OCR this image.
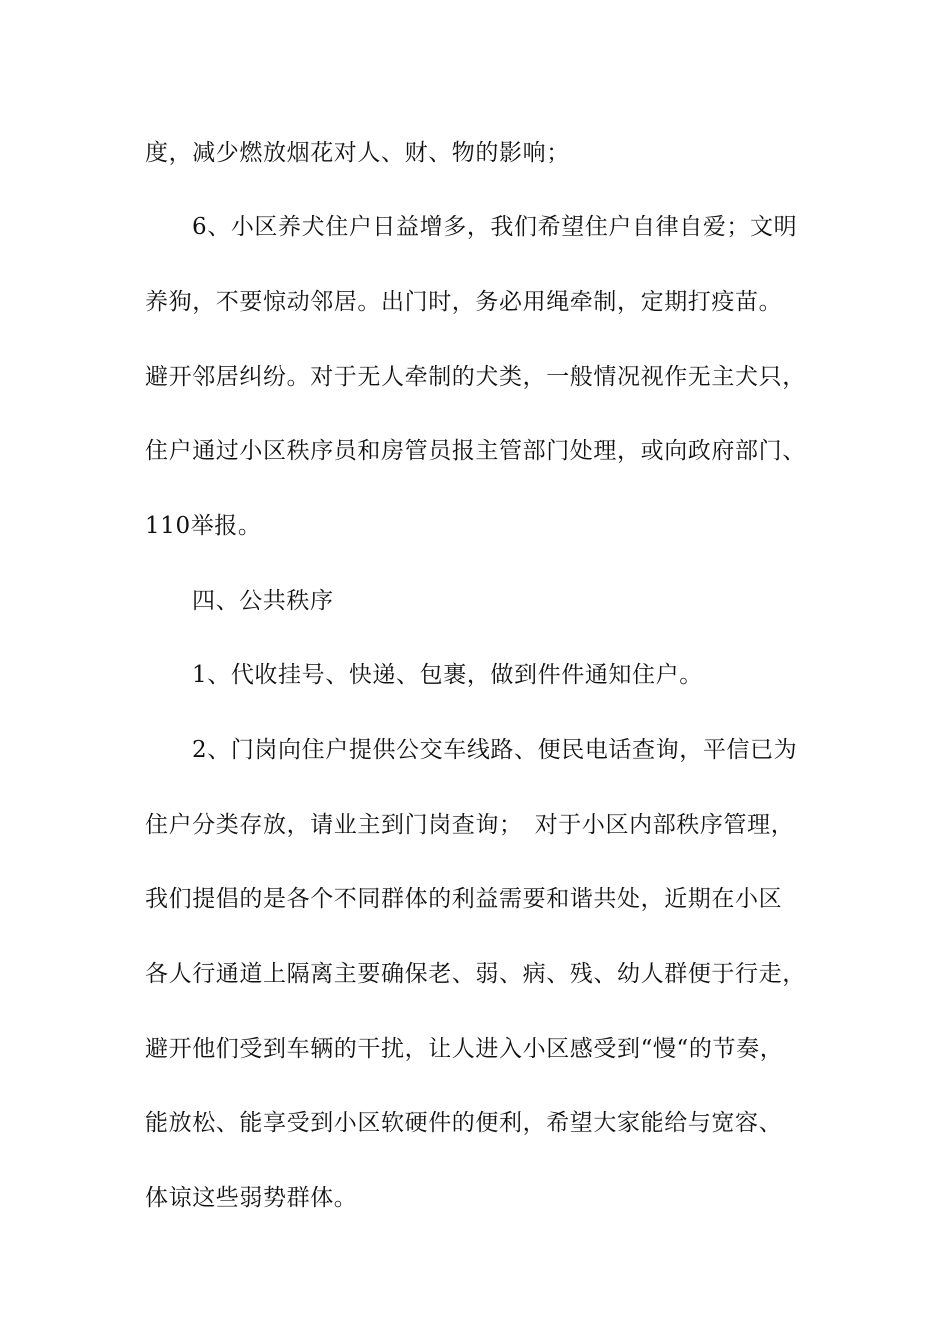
度，减少燃放烟花对人、财、物的影响；
6、小区养犬住户日益增多，我们希望住户自律自爱；文明
养狗，不要惊动邻居。出门时，务必用绳牵制，定期打疫苗。
避开邻居纠纷。对于无人牵制的犬类，一般情况视作无主犬只，
住户通过小区秩序员和房管员报主管部门处理，或向政府部门、
110举报。
四、公共秩序
1、代收挂号、快递、包裹，做到件件通知住户。
2、门岗向住户提供公交车线路、便民电话查询，平信已为
住户分类存放，请业主到门岗查询；　对于小区内部秩序管理，
我们提倡的是各个不同群体的利益需要和谐共处，近期在小区
各人行通道上隔离主要确保老、弱、病、残、幼人群便于行走，
避开他们受到车辆的干扰，让人进入小区感受到“慢“的节奏，
能放松、能享受到小区软硬件的便利，希望大家能给与宽容、
体谅这些弱势群体。
